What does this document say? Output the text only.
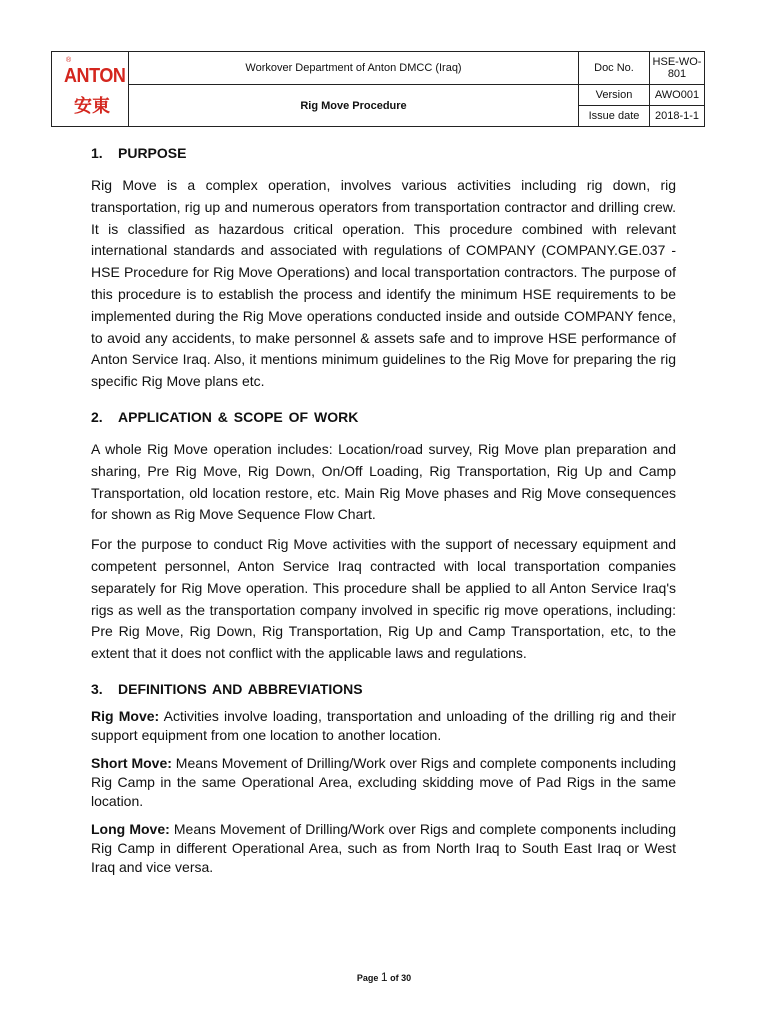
®
ANTON
安東
Workover Department of Anton DMCC (Iraq)
Rig Move Procedure
Doc No.	HSE-WO-801
Version	AWO001
Issue date	2018-1-1
1. PURPOSE

Rig Move is a complex operation, involves various activities including rig down, rig transportation, rig up and numerous operators from transportation contractor and drilling crew. It is classified as hazardous critical operation. This procedure combined with relevant international standards and associated with regulations of COMPANY (COMPANY.GE.037 - HSE Procedure for Rig Move Operations) and local transportation contractors. The purpose of this procedure is to establish the process and identify the minimum HSE requirements to be implemented during the Rig Move operations conducted inside and outside COMPANY fence, to avoid any accidents, to make personnel & assets safe and to improve HSE performance of Anton Service Iraq. Also, it mentions minimum guidelines to the Rig Move for preparing the rig specific Rig Move plans etc.

2. APPLICATION & SCOPE OF WORK

A whole Rig Move operation includes: Location/road survey, Rig Move plan preparation and sharing, Pre Rig Move, Rig Down, On/Off Loading, Rig Transportation, Rig Up and Camp Transportation, old location restore, etc. Main Rig Move phases and Rig Move consequences for shown as Rig Move Sequence Flow Chart.

For the purpose to conduct Rig Move activities with the support of necessary equipment and competent personnel, Anton Service Iraq contracted with local transportation companies separately for Rig Move operation. This procedure shall be applied to all Anton Service Iraq's rigs as well as the transportation company involved in specific rig move operations, including: Pre Rig Move, Rig Down, Rig Transportation, Rig Up and Camp Transportation, etc, to the extent that it does not conflict with the applicable laws and regulations.

3. DEFINITIONS AND ABBREVIATIONS

Rig Move: Activities involve loading, transportation and unloading of the drilling rig and their support equipment from one location to another location.

Short Move: Means Movement of Drilling/Work over Rigs and complete components including Rig Camp in the same Operational Area, excluding skidding move of Pad Rigs in the same location.

Long Move: Means Movement of Drilling/Work over Rigs and complete components including Rig Camp in different Operational Area, such as from North Iraq to South East Iraq or West Iraq and vice versa.

Page 1 of 30
